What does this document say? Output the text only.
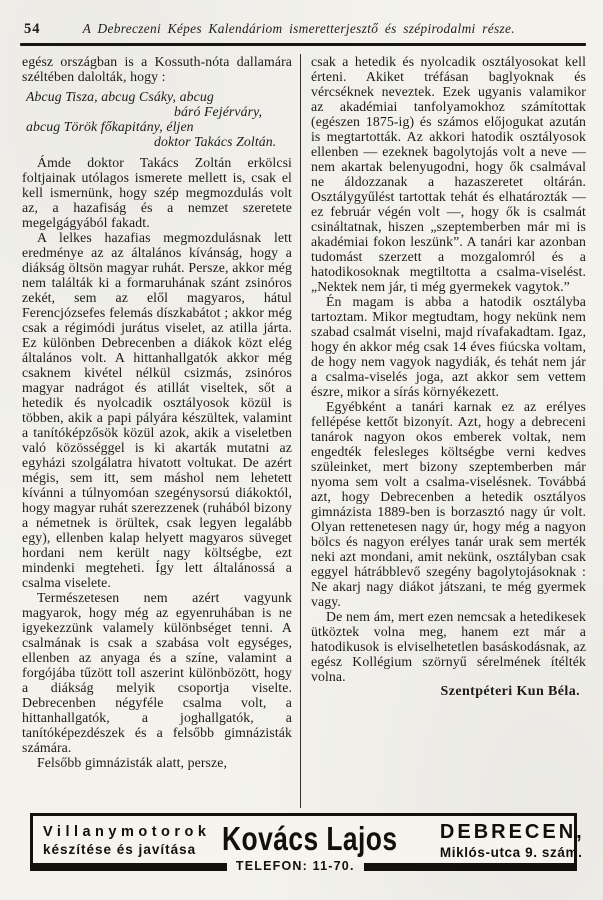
54	A Debreczeni Képes Kalendáriom ismeretterjesztő és szépirodalmi része.

egész országban is a Kossuth-nóta dallamára széltében dalolták, hogy :

Abcug Tisza, abcug Csáky, abcug
báró Fejérváry,
abcug Török főkapitány, éljen
doktor Takács Zoltán.

Ámde doktor Takács Zoltán erkölcsi foltjainak utólagos ismerete mellett is, csak el kell ismernünk, hogy szép megmozdulás volt az, a hazafiság és a nemzet szeretete megelgágyából fakadt.

A lelkes hazafias megmozdulásnak lett eredménye az az általános kívánság, hogy a diákság öltsön magyar ruhát. Persze, akkor még nem találták ki a formaruhának szánt zsinóros zekét, sem az elől magyaros, hátul Ferencjózsefes felemás díszkabátot ; akkor még csak a régimódi jurátus viselet, az atilla járta. Ez különben Debrecenben a diákok közt elég általános volt. A hittanhallgatók akkor még csaknem kivétel nélkül csizmás, zsinóros magyar nadrágot és atillát viseltek, sőt a hetedik és nyolcadik osztályosok közül is többen, akik a papi pályára készültek, valamint a tanítóképzősök közül azok, akik a viseletben való közösséggel is ki akarták mutatni az egyházi szolgálatra hivatott voltukat. De azért mégis, sem itt, sem máshol nem lehetett kívánni a túlnyomóan szegénysorsú diákoktól, hogy magyar ruhát szerezzenek (ruhából bizony a németnek is örültek, csak legyen legalább egy), ellenben kalap helyett magyaros süveget hordani nem került nagy költségbe, ezt mindenki megteheti. Így lett általánossá a csalma viselete.

Természetesen nem azért vagyunk magyarok, hogy még az egyenruhában is ne igyekezzünk valamely különbséget tenni. A csalmának is csak a szabása volt egységes, ellenben az anyaga és a színe, valamint a forgójába tűzött toll aszerint különbözött, hogy a diákság melyik csoportja viselte. Debrecenben négyféle csalma volt, a hittanhallgatók, a joghallgatók, a tanítóképezdészek és a felsőbb gimnázisták számára.

Felsőbb gimnázisták alatt, persze,

csak a hetedik és nyolcadik osztályosokat kell érteni. Akiket tréfásan baglyoknak és vércséknek neveztek. Ezek ugyanis valamikor az akadémiai tanfolyamokhoz számítottak (egészen 1875-ig) és számos előjogukat azután is megtartották. Az akkori hatodik osztályosok ellenben — ezeknek bagolytojás volt a neve — nem akartak belenyugodni, hogy ők csalmával ne áldozzanak a hazaszeretet oltárán. Osztálygyűlést tartottak tehát és elhatározták — ez február végén volt —, hogy ők is csalmát csináltatnak, hiszen „szeptemberben már mi is akadémiai fokon leszünk”. A tanári kar azonban tudomást szerzett a mozgalomról és a hatodikosoknak megtiltotta a csalma-viselést. „Nektek nem jár, ti még gyermekek vagytok.”

Én magam is abba a hatodik osztályba tartoztam. Mikor megtudtam, hogy nekünk nem szabad csalmát viselni, majd rívafakadtam. Igaz, hogy én akkor még csak 14 éves fiúcska voltam, de hogy nem vagyok nagydiák, és tehát nem jár a csalma-viselés joga, azt akkor sem vettem észre, mikor a sírás környékezett.

Egyébként a tanári karnak ez az erélyes fellépése kettőt bizonyít. Azt, hogy a debreceni tanárok nagyon okos emberek voltak, nem engedték felesleges költségbe verni kedves szüleinket, mert bizony szeptemberben már nyoma sem volt a csalma-viselésnek. Továbbá azt, hogy Debrecenben a hetedik osztályos gimnázista 1889-ben is borzasztó nagy úr volt. Olyan rettenetesen nagy úr, hogy még a nagyon bölcs és nagyon erélyes tanár urak sem merték neki azt mondani, amit nekünk, osztályban csak eggyel hátrábblevő szegény bagolytojásoknak : Ne akarj nagy diákot játszani, te még gyermek vagy.

De nem ám, mert ezen nemcsak a hetedikesek ütköztek volna meg, hanem ezt már a hatodikusok is elviselhetetlen basáskodásnak, az egész Kollégium szörnyű sérelmének ítélték volna.

Szentpéteri Kun Béla.

Villanymotorok
készítése és javítása Kovács Lajos DEBRECEN,
Miklós-utca 9. szám.
TELEFON: 11-70.
